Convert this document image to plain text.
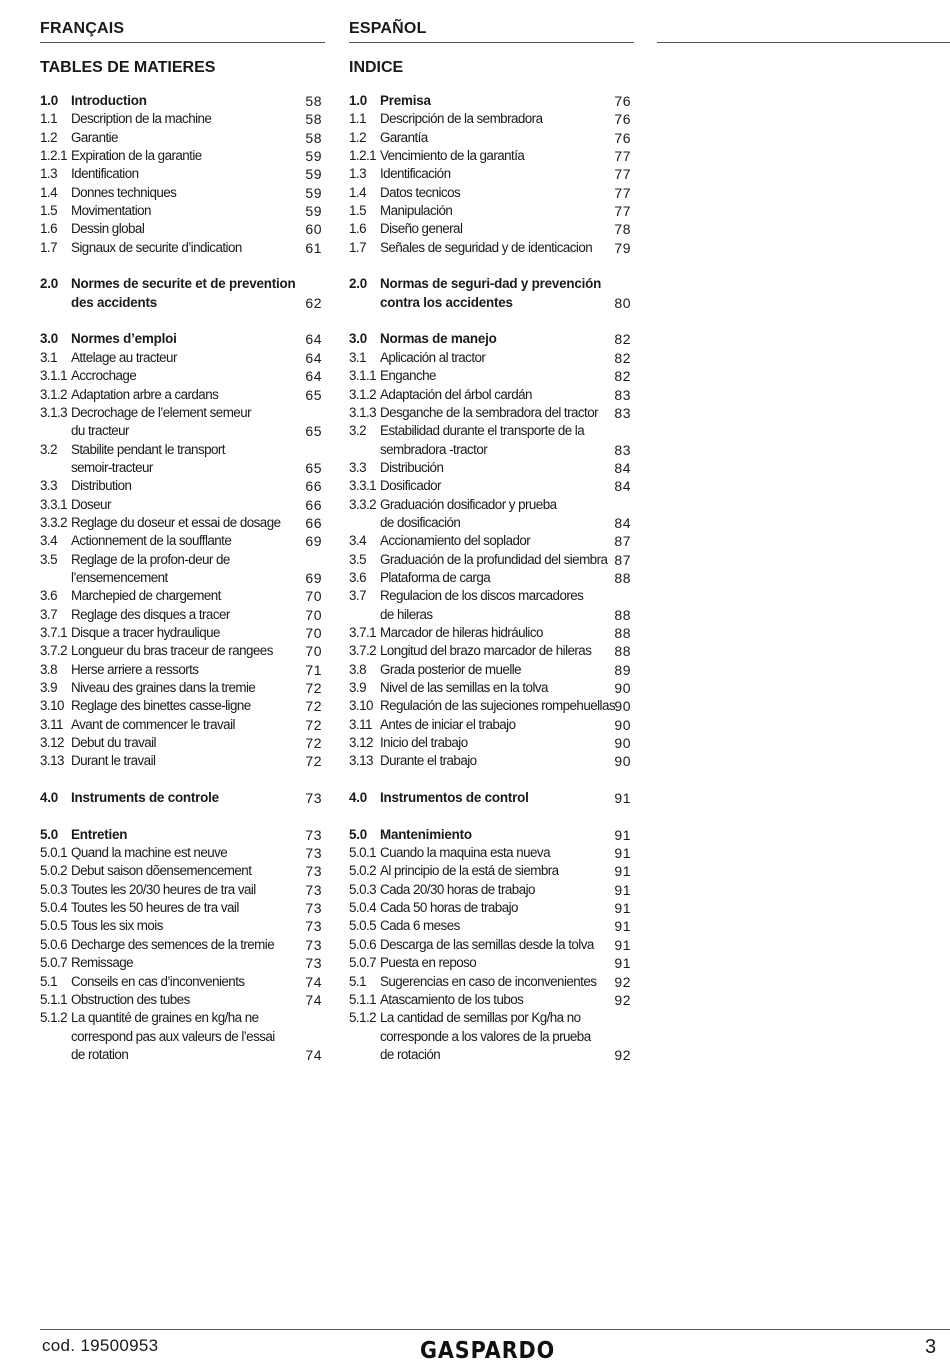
FRANÇAIS
TABLES DE MATIERES
1.0 Introduction	58
1.1 Description de la machine	58
1.2 Garantie	58
1.2.1 Expiration de la garantie	59
1.3 Identification	59
1.4 Donnes techniques	59
1.5 Movimentation	59
1.6 Dessin global	60
1.7 Signaux de securite d’indication	61
2.0 Normes de securite et de prevention
des accidents	62
3.0 Normes d’emploi	64
3.1 Attelage au tracteur	64
3.1.1 Accrochage	64
3.1.2 Adaptation arbre a cardans	65
3.1.3 Decrochage de l’element semeur
du tracteur	65
3.2 Stabilite pendant le transport
semoir-tracteur	65
3.3 Distribution	66
3.3.1 Doseur	66
3.3.2 Reglage du doseur et essai de dosage 66
3.4 Actionnement de la soufflante	69
3.5 Reglage de la profon-deur de
l’ensemencement	69
3.6 Marchepied de chargement	70
3.7 Reglage des disques a tracer	70
3.7.1 Disque a tracer hydraulique	70
3.7.2 Longueur du bras traceur de rangees 70
3.8 Herse arriere a ressorts	71
3.9 Niveau des graines dans la tremie	72
3.10 Reglage des binettes casse-ligne	72
3.11 Avant de commencer le travail	72
3.12 Debut du travail	72
3.13 Durant le travail	72
4.0 Instruments de controle	73
5.0 Entretien	73
5.0.1 Quand la machine est neuve	73
5.0.2 Debut saison dõensemencement	73
5.0.3 Toutes les 20/30 heures de tra vail	73
5.0.4 Toutes les 50 heures de tra vail	73
5.0.5 Tous les six mois	73
5.0.6 Decharge des semences de la tremie 73
5.0.7 Remissage	73
5.1 Conseils en cas d’inconvenients	74
5.1.1 Obstruction des tubes	74
5.1.2 La quantité de graines en kg/ha ne
correspond pas aux valeurs de l’essai
de rotation	74
ESPAÑOL
INDICE
1.0 Premisa	76
1.1 Descripción de la sembradora	76
1.2 Garantía	76
1.2.1 Vencimiento de la garantía	77
1.3 Identificación	77
1.4 Datos tecnicos	77
1.5 Manipulación	77
1.6 Diseño general	78
1.7 Señales de seguridad y de identicacion 79
2.0 Normas de seguri-dad y prevención
contra los accidentes	80
3.0 Normas de manejo	82
3.1 Aplicación al tractor	82
3.1.1 Enganche	82
3.1.2 Adaptación del árbol cardán	83
3.1.3 Desganche de la sembradora del tractor 83
3.2 Estabilidad durante el transporte de la
sembradora -tractor	83
3.3 Distribución	84
3.3.1 Dosificador	84
3.3.2 Graduación dosificador y prueba
de dosificación	84
3.4 Accionamiento del soplador	87
3.5 Graduación de la profundidad del siembra 87
3.6 Plataforma de carga	88
3.7 Regulacion de los discos marcadores
de hileras	88
3.7.1 Marcador de hileras hidráulico	88
3.7.2 Longitud del brazo marcador de hileras 88
3.8 Grada posterior de muelle	89
3.9 Nivel de las semillas en la tolva	90
3.10 Regulación de las sujeciones rompehuellas 90
3.11 Antes de iniciar el trabajo	90
3.12 Inicio del trabajo	90
3.13 Durante el trabajo	90
4.0 Instrumentos de control	91
5.0 Mantenimiento	91
5.0.1 Cuando la maquina esta nueva	91
5.0.2 Al principio de la está de siembra	91
5.0.3 Cada 20/30 horas de trabajo	91
5.0.4 Cada 50 horas de trabajo	91
5.0.5 Cada 6 meses	91
5.0.6 Descarga de las semillas desde la tolva 91
5.0.7 Puesta en reposo	91
5.1 Sugerencias en caso de inconvenientes 92
5.1.1 Atascamiento de los tubos	92
5.1.2 La cantidad de semillas por Kg/ha no
corresponde a los valores de la prueba
de rotación	92
cod. 19500953	GASPARDO	3
